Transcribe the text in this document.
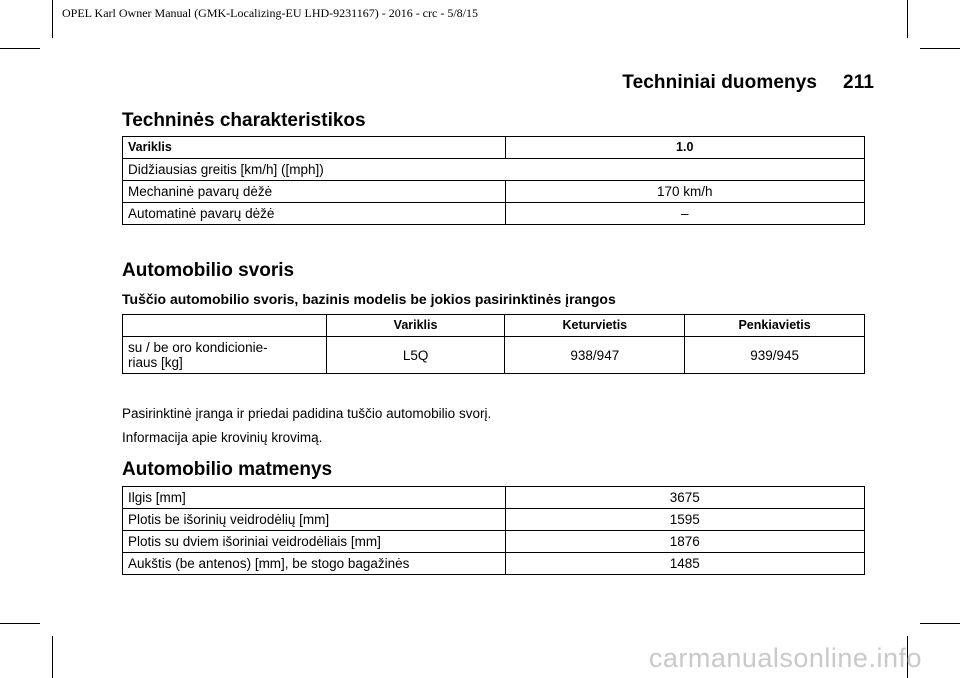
OPEL Karl Owner Manual (GMK-Localizing-EU LHD-9231167) - 2016 - crc - 5/8/15
Techniniai duomenys 211
Techninės charakteristikos
Variklis	1.0
Didžiausias greitis [km/h] ([mph])	
Mechaninė pavarų dėžė	170 km/h
Automatinė pavarų dėžė	–
Automobilio svoris
Tuščio automobilio svoris, bazinis modelis be jokios pasirinktinės įrangos
	Variklis	Keturvietis	Penkiavietis
su / be oro kondicionie-
riaus [kg]	L5Q	938/947	939/945

Pasirinktinė įranga ir priedai padidina tuščio automobilio svorį.

Informacija apie krovinių krovimą.

Automobilio matmenys
Ilgis [mm]	3675
Plotis be išorinių veidrodėlių [mm]	1595
Plotis su dviem išoriniai veidrodėliais [mm]	1876
Aukštis (be antenos) [mm], be stogo bagažinės	1485
carmanualsonline.info
